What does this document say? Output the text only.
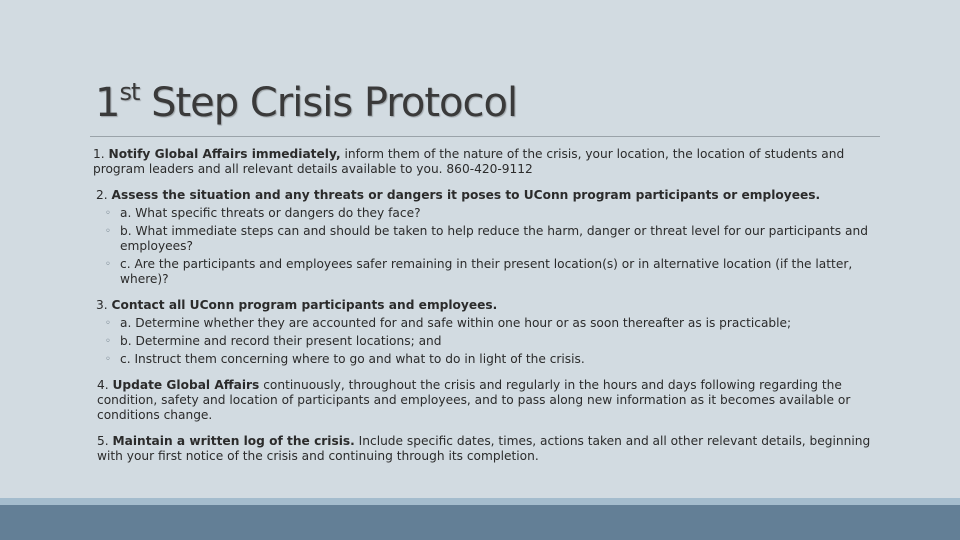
1st Step Crisis Protocol

1. Notify Global Affairs immediately, inform them of the nature of the crisis, your location, the location of students and program leaders and all relevant details available to you. 860-420-9112

2. Assess the situation and any threats or dangers it poses to UConn program participants or employees.

◦ a. What specific threats or dangers do they face?
◦ b. What immediate steps can and should be taken to help reduce the harm, danger or threat level for our participants and employees?
◦ c. Are the participants and employees safer remaining in their present location(s) or in alternative location (if the latter, where)?

3. Contact all UConn program participants and employees.

◦ a. Determine whether they are accounted for and safe within one hour or as soon thereafter as is practicable;
◦ b. Determine and record their present locations; and
◦ c. Instruct them concerning where to go and what to do in light of the crisis.

4. Update Global Affairs continuously, throughout the crisis and regularly in the hours and days following regarding the condition, safety and location of participants and employees, and to pass along new information as it becomes available or conditions change.

5. Maintain a written log of the crisis. Include specific dates, times, actions taken and all other relevant details, beginning with your first notice of the crisis and continuing through its completion.
